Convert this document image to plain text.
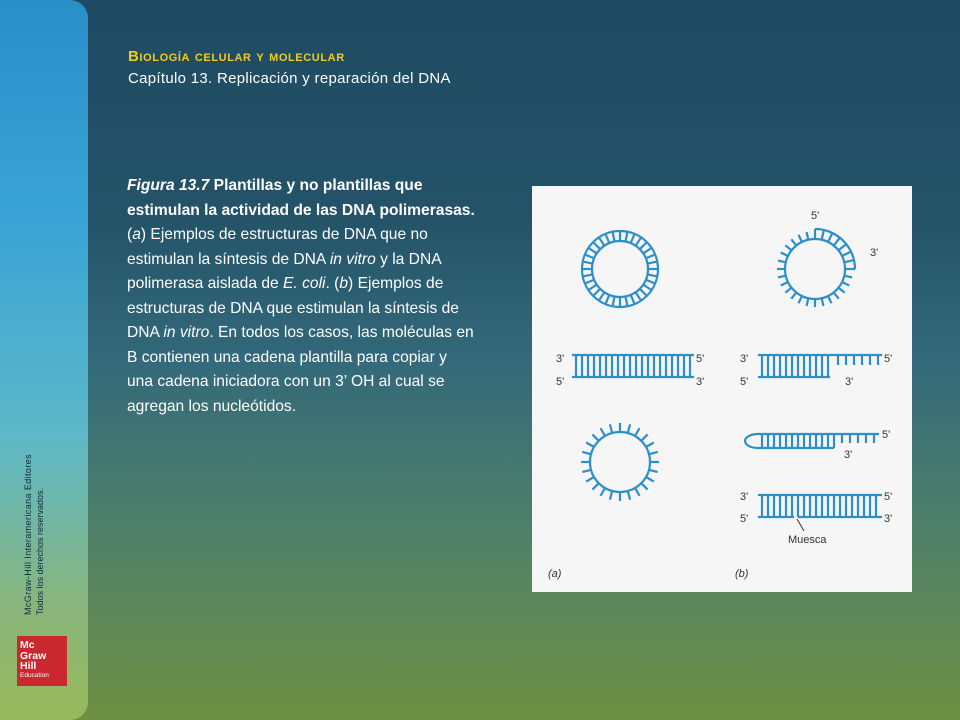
McGraw-Hill Interamericana Editores Todos los derechos reservados.
Mc
Graw
Hill
Education
Biología celular y molecular
Capítulo 13. Replicación y reparación del DNA
Figura 13.7 Plantillas y no plantillas que estimulan la actividad de las DNA polimerasas. (a) Ejemplos de estructuras de DNA que no estimulan la síntesis de DNA in vitro y la DNA polimerasa aislada de E. coli. (b) Ejemplos de estructuras de DNA que estimulan la síntesis de DNA in vitro. En todos los casos, las moléculas en B contienen una cadena plantilla para copiar y una cadena iniciadora con un 3’ OH al cual se agregan los nucleótidos.
5'
3'
3'	5'
5'	3'
3'	5'
5'	3'
5'
3'
3'	5'
5'	3'
Muesca
(a)	(b)
